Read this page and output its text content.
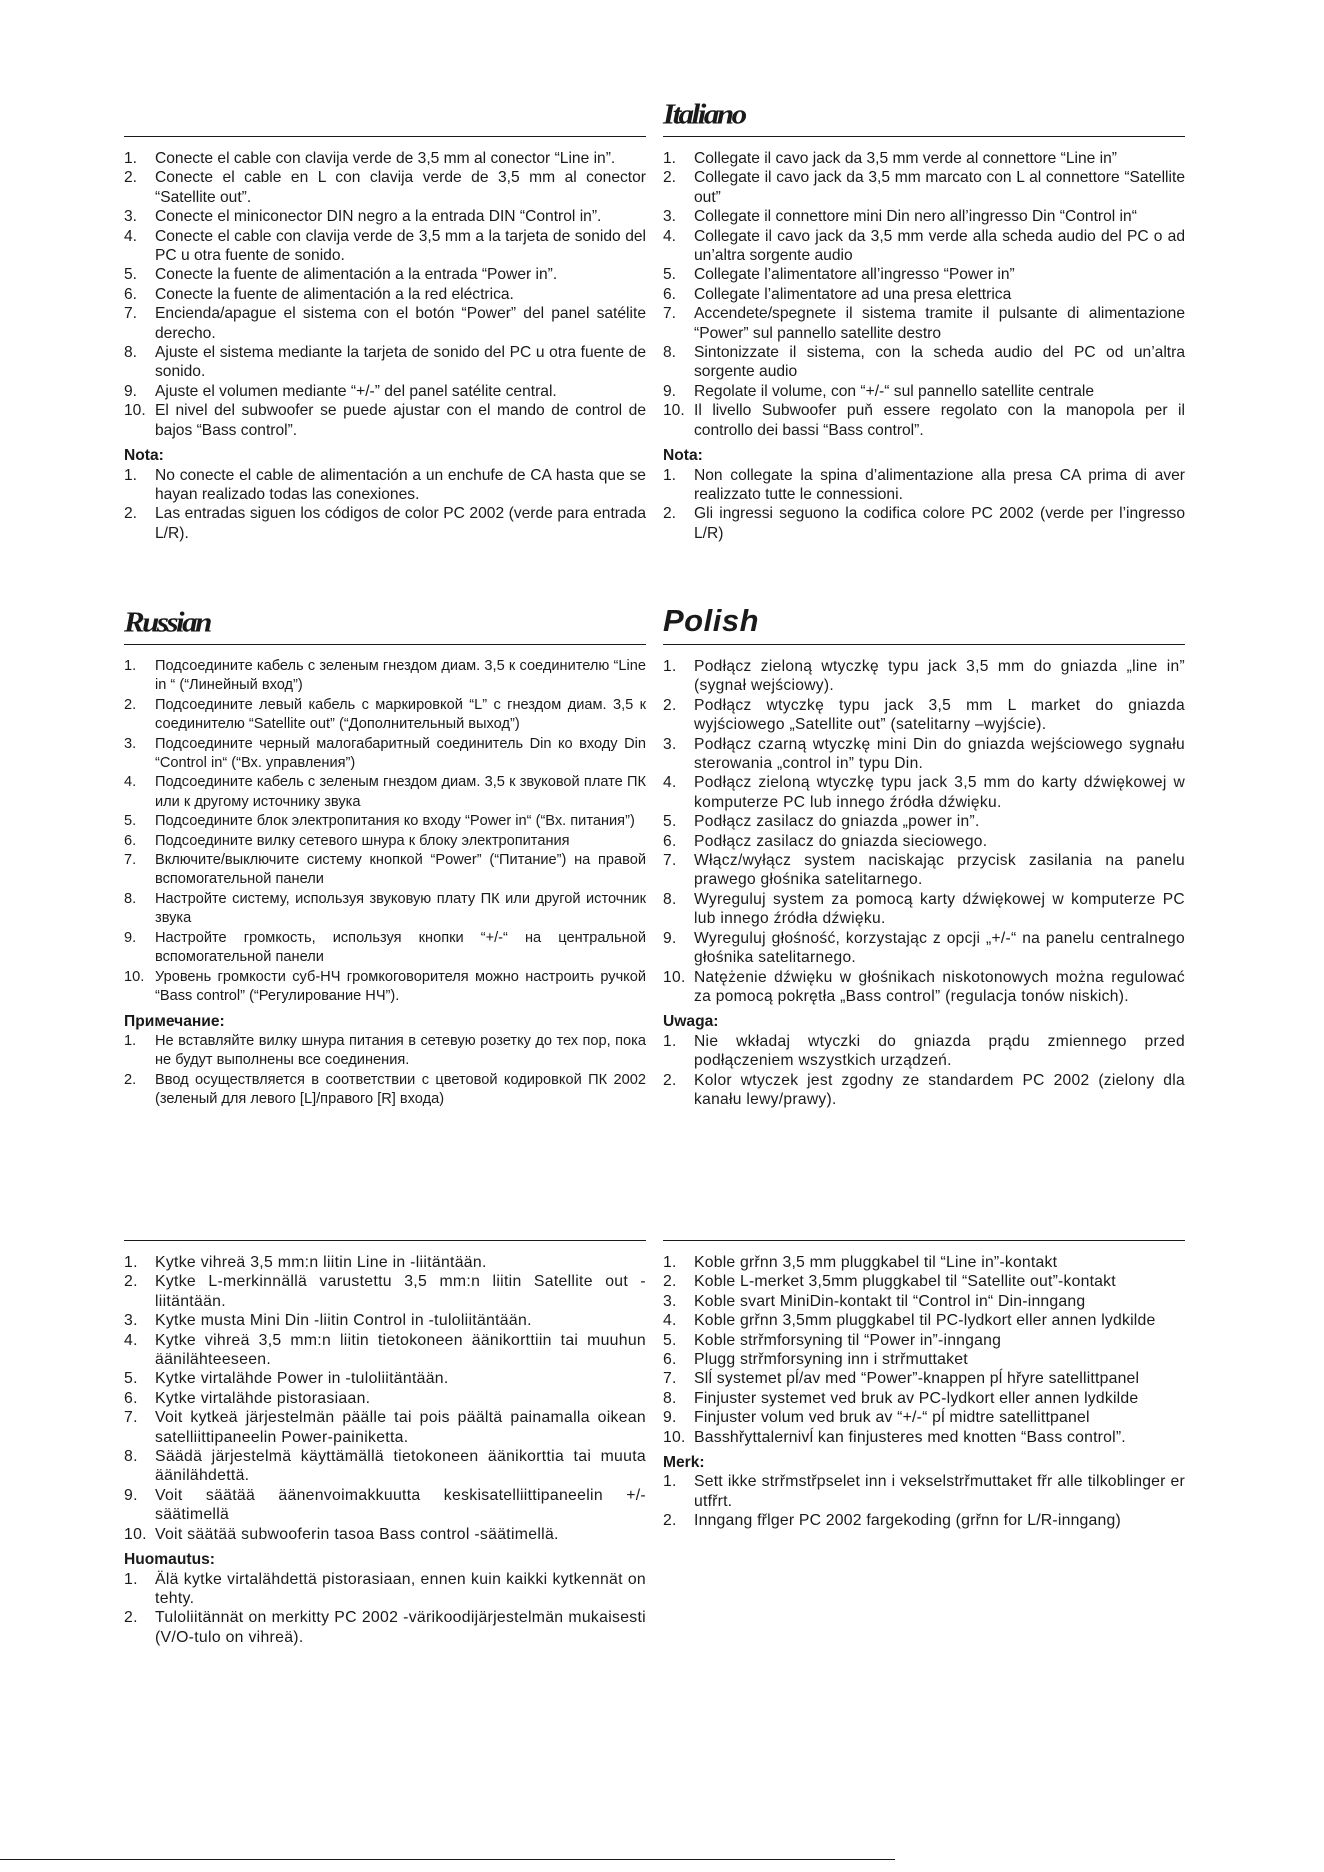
1. Conecte el cable con clavija verde de 3,5 mm al conector “Line in”.
2. Conecte el cable en L con clavija verde de 3,5 mm al conector “Satellite out”.
3. Conecte el miniconector DIN negro a la entrada DIN “Control in”.
4. Conecte el cable con clavija verde de 3,5 mm a la tarjeta de sonido del PC u otra fuente de sonido.
5. Conecte la fuente de alimentación a la entrada “Power in”.
6. Conecte la fuente de alimentación a la red eléctrica.
7. Encienda/apague el sistema con el botón “Power” del panel satélite derecho.
8. Ajuste el sistema mediante la tarjeta de sonido del PC u otra fuente de sonido.
9. Ajuste el volumen mediante “+/-” del panel satélite central.
10. El nivel del subwoofer se puede ajustar con el mando de control de bajos “Bass control”.
Nota:
1. No conecte el cable de alimentación a un enchufe de CA hasta que se hayan realizado todas las conexiones.
2. Las entradas siguen los códigos de color PC 2002 (verde para entrada L/R).
Italiano
1. Collegate il cavo jack da 3,5 mm verde al connettore “Line in”
2. Collegate il cavo jack da 3,5 mm marcato con L al connettore “Satellite out”
3. Collegate il connettore mini Din nero all’ingresso Din “Control in“
4. Collegate il cavo jack da 3,5 mm verde alla scheda audio del PC o ad un’altra sorgente audio
5. Collegate l’alimentatore all’ingresso “Power in”
6. Collegate l’alimentatore ad una presa elettrica
7. Accendete/spegnete il sistema tramite il pulsante di alimentazione “Power” sul pannello satellite destro
8. Sintonizzate il sistema, con la scheda audio del PC od un’altra sorgente audio
9. Regolate il volume, con “+/-“ sul pannello satellite centrale
10. Il livello Subwoofer puň essere regolato con la manopola per il controllo dei bassi “Bass control”.
Nota:
1. Non collegate la spina d’alimentazione alla presa CA prima di aver realizzato tutte le connessioni.
2. Gli ingressi seguono la codifica colore PC 2002 (verde per l’ingresso L/R)
Russian
1. Подсоедините кабель с зеленым гнездом диам. 3,5 к соединителю “Line in “ (“Линейный вход”)
2. Подсоедините левый кабель с маркировкой “L” с гнездом диам. 3,5 к соединителю “Satellite out” (“Дополнительный выход”)
3. Подсоедините черный малогабаритный соединитель Din ко входу Din “Control in“ (“Вх. управления”)
4. Подсоедините кабель с зеленым гнездом диам. 3,5 к звуковой плате ПК или к другому источнику звука
5. Подсоедините блок электропитания ко входу “Power in“ (“Вх. питания”)
6. Подсоедините вилку сетевого шнура к блоку электропитания
7. Включите/выключите систему кнопкой “Power” (“Питание”) на правой вспомогательной панели
8. Настройте систему, используя звуковую плату ПК или другой источник звука
9. Настройте громкость, используя кнопки “+/-“ на центральной вспомогательной панели
10. Уровень громкости суб-НЧ громкоговорителя можно настроить ручкой “Bass control” (“Регулирование НЧ”).
Примечание:
1. Не вставляйте вилку шнура питания в сетевую розетку до тех пор, пока не будут выполнены все соединения.
2. Ввод осуществляется в соответствии с цветовой кодировкой ПК 2002 (зеленый для левого [L]/правого [R] входа)
Polish
1. Podłącz zieloną wtyczkę typu jack 3,5 mm do gniazda „line in” (sygnał wejściowy).
2. Podłącz wtyczkę typu jack 3,5 mm L market do gniazda wyjściowego „Satellite out” (satelitarny –wyjście).
3. Podłącz czarną wtyczkę mini Din do gniazda wejściowego sygnału sterowania „control in” typu Din.
4. Podłącz zieloną wtyczkę typu jack 3,5 mm do karty dźwiękowej w komputerze PC lub innego źródła dźwięku.
5. Podłącz zasilacz do gniazda „power in”.
6. Podłącz zasilacz do gniazda sieciowego.
7. Włącz/wyłącz system naciskając przycisk zasilania na panelu prawego głośnika satelitarnego.
8. Wyreguluj system za pomocą karty dźwiękowej w komputerze PC lub innego źródła dźwięku.
9. Wyreguluj głośność, korzystając z opcji „+/-“ na panelu centralnego głośnika satelitarnego.
10. Natężenie dźwięku w głośnikach niskotonowych można regulować za pomocą pokrętła „Bass control” (regulacja tonów niskich).
Uwaga:
1. Nie wkładaj wtyczki do gniazda prądu zmiennego przed podłączeniem wszystkich urządzeń.
2. Kolor wtyczek jest zgodny ze standardem PC 2002 (zielony dla kanału lewy/prawy).
1. Kytke vihreä 3,5 mm:n liitin Line in -liitäntään.
2. Kytke L-merkinnällä varustettu 3,5 mm:n liitin Satellite out -liitäntään.
3. Kytke musta Mini Din -liitin Control in -tuloliitäntään.
4. Kytke vihreä 3,5 mm:n liitin tietokoneen äänikorttiin tai muuhun äänilähteeseen.
5. Kytke virtalähde Power in -tuloliitäntään.
6. Kytke virtalähde pistorasiaan.
7. Voit kytkeä järjestelmän päälle tai pois päältä painamalla oikean satelliittipaneelin Power-painiketta.
8. Säädä järjestelmä käyttämällä tietokoneen äänikorttia tai muuta äänilähdettä.
9. Voit säätää äänenvoimakkuutta keskisatelliittipaneelin +/- säätimellä
10. Voit säätää subwooferin tasoa Bass control -säätimellä.
Huomautus:
1. Älä kytke virtalähdettä pistorasiaan, ennen kuin kaikki kytkennät on tehty.
2. Tuloliitännät on merkitty PC 2002 -värikoodijärjestelmän mukaisesti (V/O-tulo on vihreä).
1. Koble grřnn 3,5 mm pluggkabel til “Line in”-kontakt
2. Koble L-merket 3,5mm pluggkabel til “Satellite out”-kontakt
3. Koble svart MiniDin-kontakt til “Control in“ Din-inngang
4. Koble grřnn 3,5mm pluggkabel til PC-lydkort eller annen lydkilde
5. Koble strřmforsyning til “Power in”-inngang
6. Plugg strřmforsyning inn i strřmuttaket
7. Slĺ systemet pĺ/av med “Power”-knappen pĺ hřyre satellittpanel
8. Finjuster systemet ved bruk av PC-lydkort eller annen lydkilde
9. Finjuster volum ved bruk av “+/-“ pĺ midtre satellittpanel
10. Basshřyttalernivĺ kan finjusteres med knotten “Bass control”.
Merk:
1. Sett ikke strřmstřpselet inn i vekselstrřmuttaket fřr alle tilkoblinger er utfřrt.
2. Inngang fřlger PC 2002 fargekoding (grřnn for L/R-inngang)
